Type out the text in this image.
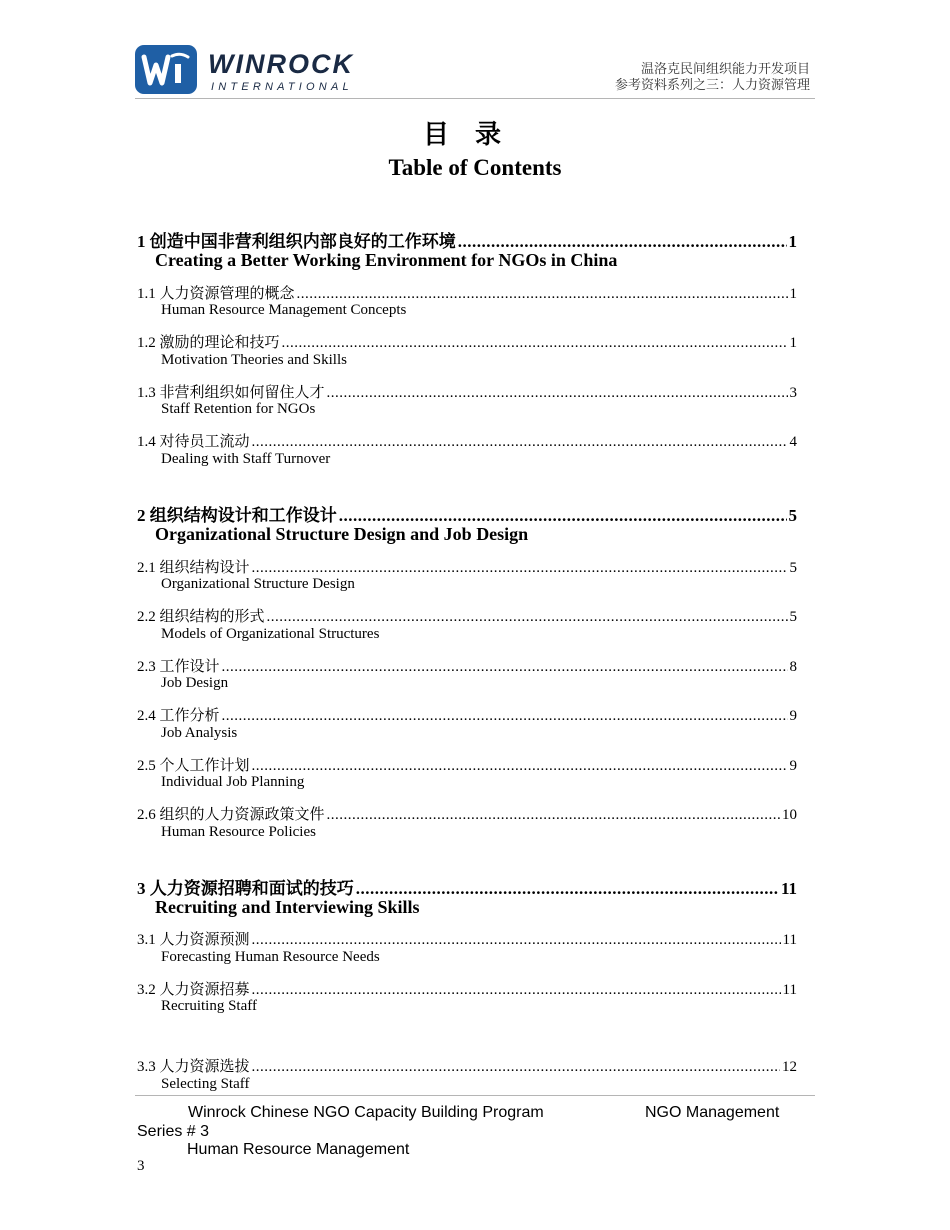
WINROCK
INTERNATIONAL
温洛克民间组织能力开发项目
参考资料系列之三：人力资源管理
目录
Table of Contents
1 创造中国非营利组织内部良好的工作环境 .....	1
Creating a Better Working Environment for NGOs in China
1.1 人力资源管理的概念 .....	1
Human Resource Management Concepts
1.2 激励的理论和技巧 .....	1
Motivation Theories and Skills
1.3 非营利组织如何留住人才 .....	3
Staff Retention for NGOs
1.4 对待员工流动 .....	4
Dealing with Staff Turnover
2 组织结构设计和工作设计 .....	5
Organizational Structure Design and Job Design
2.1 组织结构设计 .....	5
Organizational Structure Design
2.2 组织结构的形式 .....	5
Models of Organizational Structures
2.3 工作设计 .....	8
Job Design
2.4 工作分析 .....	9
Job Analysis
2.5 个人工作计划 .....	9
Individual Job Planning
2.6 组织的人力资源政策文件 .....	10
Human Resource Policies
3 人力资源招聘和面试的技巧 .....	11
Recruiting and Interviewing Skills
3.1 人力资源预测 .....	11
Forecasting Human Resource Needs
3.2 人力资源招募 .....	11
Recruiting Staff
3.3 人力资源选拔 .....	12
Selecting Staff
Winrock Chinese NGO Capacity Building Program	NGO Management
Series # 3
Human Resource Management
3
